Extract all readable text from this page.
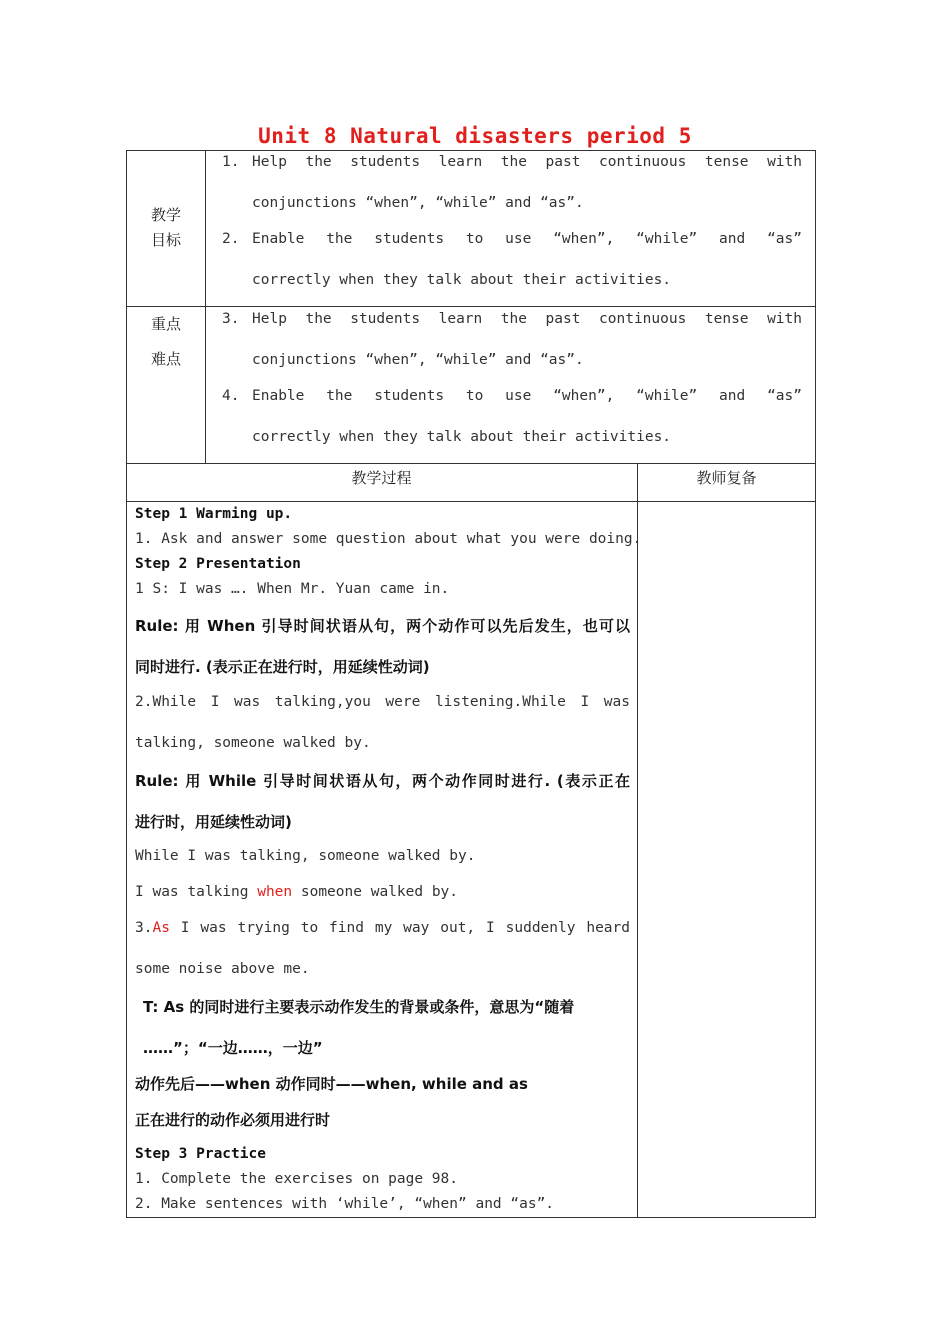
Unit 8 Natural disasters period 5
教学
目标
1. Help the students learn the past continuous tense with
conjunctions “when”, “while” and “as”.
2. Enable the students to use “when”, “while” and “as”
correctly when they talk about their activities.
重点
难点
3. Help the students learn the past continuous tense with
conjunctions “when”, “while” and “as”.
4. Enable the students to use “when”, “while” and “as”
correctly when they talk about their activities.
教学过程	教师复备
Step 1 Warming up.
1. Ask and answer some question about what you were doing.
Step 2 Presentation
1 S: I was …. When Mr. Yuan came in.
Rule: 用 When 引导时间状语从句，两个动作可以先后发生，也可以
同时进行. (表示正在进行时，用延续性动词)
2.While I was talking,you were listening.While I was
talking, someone walked by.
Rule: 用 While 引导时间状语从句，两个动作同时进行. (表示正在
进行时，用延续性动词)
While I was talking, someone walked by.
I was talking when someone walked by.
3. As I was trying to find my way out, I suddenly heard
some noise above me.
T: As 的同时进行主要表示动作发生的背景或条件，意思为“随着
……”；“一边……，一边”
动作先后——when 动作同时——when, while and as
正在进行的动作必须用进行时
Step 3 Practice
1. Complete the exercises on page 98.
2. Make sentences with ‘while’, “when” and “as”.
